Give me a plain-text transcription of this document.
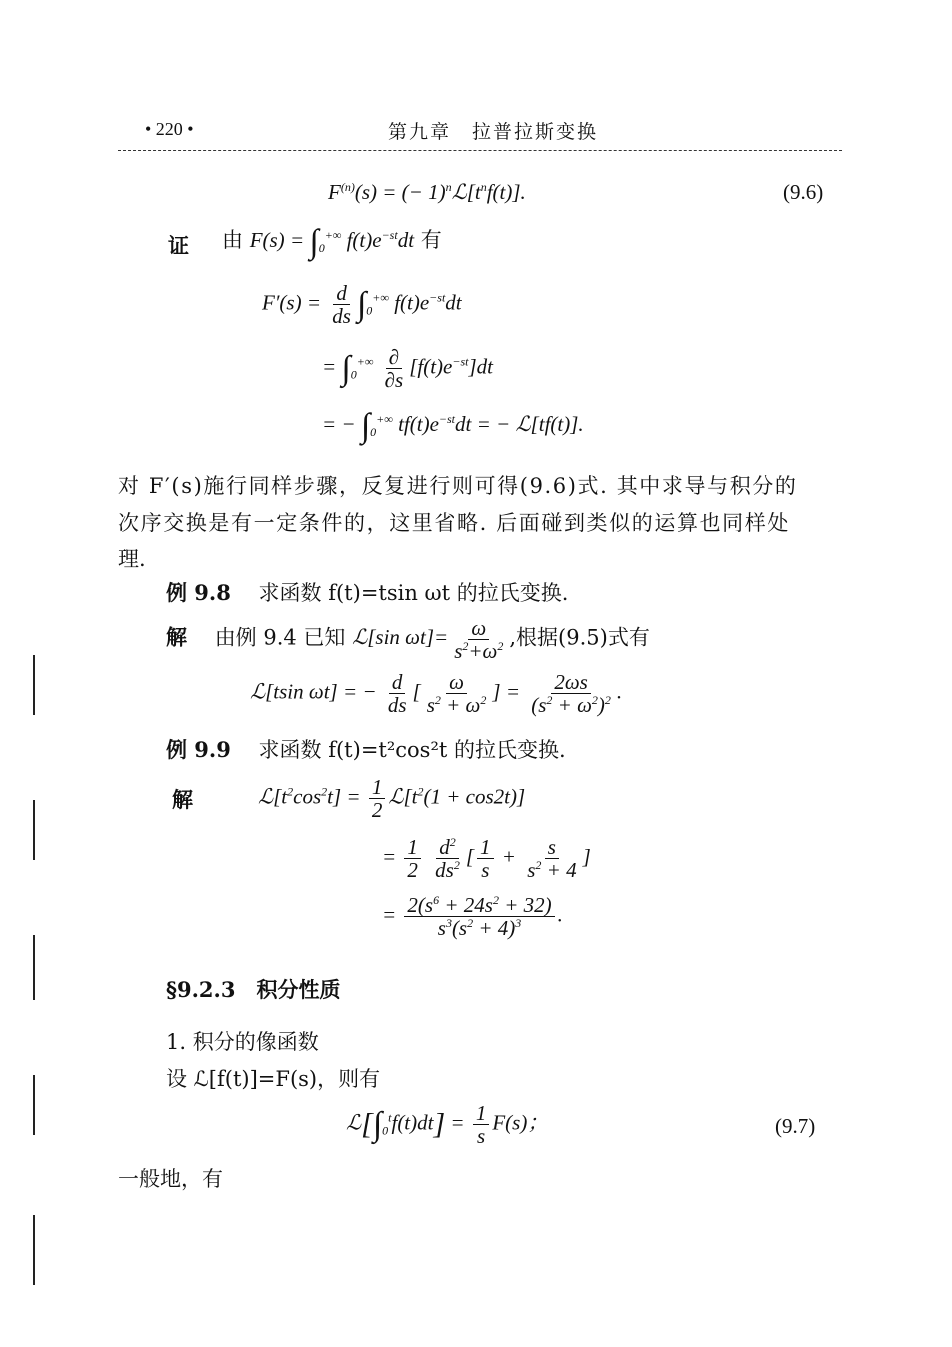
• 220 •	第九章　拉普拉斯变换
$F^{(n)}(s)$ = (− $1)^nℒ[t^nf(t)]$.	(9.6)
证 由 $F(s) = \int_0^{+\infty}$ $f(t)e^{-st}dt$ 有
$F'(s) = \frac{d}{ds} \int_0^{+\infty}$ $f(t)e^{-st}dt$
= $\int_0^{+\infty} \frac{\partial}{\partial s} [f(t)e^{-st}]dt$
= − $\int_0^{+\infty}$ $tf(t)e^{-st}dt$ = − ℒ[tf(t)].
对 F′(s)施行同样步骤，反复进行则可得(9.6)式. 其中求导与积分的
次序交换是有一定条件的，这里省略. 后面碰到类似的运算也同样处
理.
例 9.8　 求函数 f(t)=tsin ωt 的拉氏变换.
解　 由例 9.4 已知 ℒ[sin $\omega t]= \frac{\omega}{s^2+\omega^2}$ ,根据(9.5)式有
ℒ[tsin ωt] = − $\frac{d}{ds}$ [ $\frac{\omega}{s^2 + \omega^2}$ ] = $\frac{2\omega s}{(s^2 + \omega^2)^2}$ .
例 9.9　 求函数 f(t)=t²cos²t 的拉氏变换.
解	$ℒ[t^2\cos^2t] = \frac{1}{2}$ $ℒ[t^2(1 + \cos 2t)]$
= $\frac{1}{2}$
$\frac{d^2}{ds^2}$ [ $\frac{1}{s} + \frac{s}{s^2 + 4}$ ]
= $\frac{2(s^6 + 24s^2 + 32)}{s^3(s^2 + 4)^3}$ .
§9.2.3　 积分性质
1. 积分的像函数
设 ℒ[f(t)]=F(s)，则有
$ℒ[\int_0^tf(t)dt] = \frac{1}{s} F(s)$；	(9.7)
一般地，有
